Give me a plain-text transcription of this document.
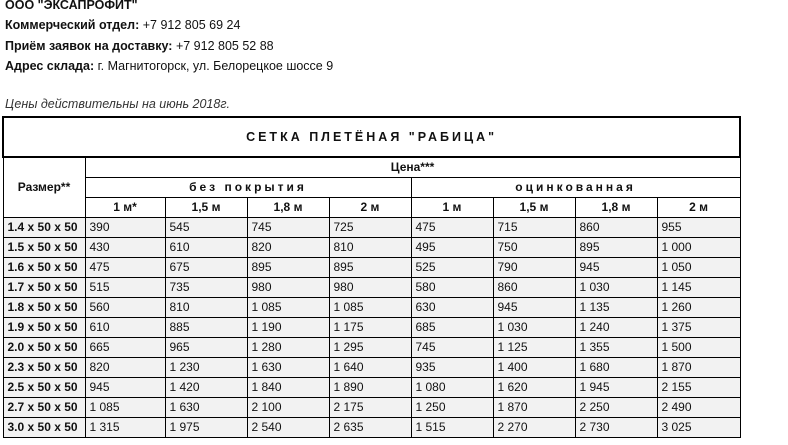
ООО "ЭКСАПРОФИТ"
Коммерческий отдел: +7 912 805 69 24
Приём заявок на доставку: +7 912 805 52 88
Адрес склада: г. Магнитогорск, ул. Белорецкое шоссе 9
Цены действительны на июнь 2018г.
СЕТКА ПЛЕТЁНАЯ "РАБИЦА"								
Размер**	Цена***							
	без покрытия				оцинкованная			
	1 м*	1,5 м	1,8 м	2 м	1 м	1,5 м	1,8 м	2 м
1.4 x 50 x 50	390	545	745	725	475	715	860	955
1.5 x 50 x 50	430	610	820	810	495	750	895	1 000
1.6 x 50 x 50	475	675	895	895	525	790	945	1 050
1.7 x 50 x 50	515	735	980	980	580	860	1 030	1 145
1.8 x 50 x 50	560	810	1 085	1 085	630	945	1 135	1 260
1.9 x 50 x 50	610	885	1 190	1 175	685	1 030	1 240	1 375
2.0 x 50 x 50	665	965	1 280	1 295	745	1 125	1 355	1 500
2.3 x 50 x 50	820	1 230	1 630	1 640	935	1 400	1 680	1 870
2.5 x 50 x 50	945	1 420	1 840	1 890	1 080	1 620	1 945	2 155
2.7 x 50 x 50	1 085	1 630	2 100	2 175	1 250	1 870	2 250	2 490
3.0 x 50 x 50	1 315	1 975	2 540	2 635	1 515	2 270	2 730	3 025
